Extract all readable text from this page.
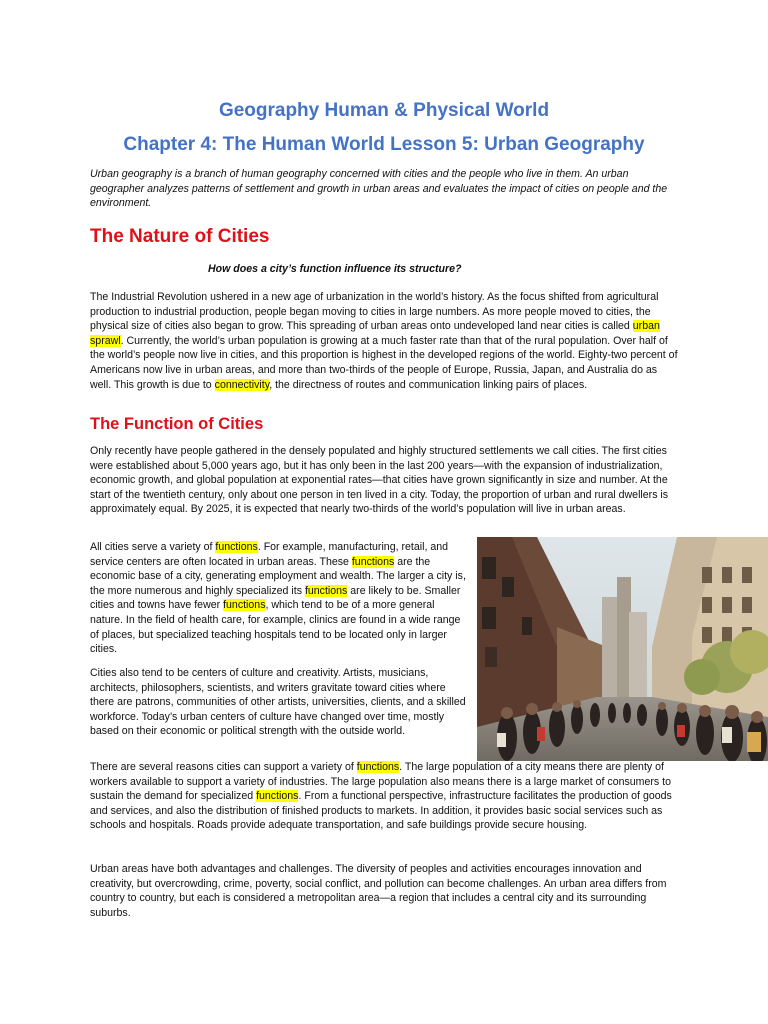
Geography Human & Physical World
Chapter 4: The Human World Lesson 5: Urban Geography

Urban geography is a branch of human geography concerned with cities and the people who live in them. An urban geographer analyzes patterns of settlement and growth in urban areas and evaluates the impact of cities on people and the environment.

The Nature of Cities

How does a city’s function influence its structure?

The Industrial Revolution ushered in a new age of urbanization in the world’s history. As the focus shifted from agricultural production to industrial production, people began moving to cities in large numbers. As more people moved to cities, the physical size of cities also began to grow. This spreading of urban areas onto undeveloped land near cities is called urban sprawl. Currently, the world’s urban population is growing at a much faster rate than that of the rural population. Over half of the world’s people now live in cities, and this proportion is highest in the developed regions of the world. Eighty-two percent of Americans now live in urban areas, and more than two-thirds of the people of Europe, Russia, Japan, and Australia do as well. This growth is due to connectivity, the directness of routes and communication linking pairs of places.

The Function of Cities

Only recently have people gathered in the densely populated and highly structured settlements we call cities. The first cities were established about 5,000 years ago, but it has only been in the last 200 years—with the expansion of industrialization, economic growth, and global population at exponential rates—that cities have grown significantly in size and number. At the start of the twentieth century, only about one person in ten lived in a city. Today, the proportion of urban and rural dwellers is approximately equal. By 2025, it is expected that nearly two-thirds of the world’s population will live in urban areas.

All cities serve a variety of functions. For example, manufacturing, retail, and service centers are often located in urban areas. These functions are the economic base of a city, generating employment and wealth. The larger a city is, the more numerous and highly specialized its functions are likely to be. Smaller cities and towns have fewer functions, which tend to be of a more general nature. In the field of health care, for example, clinics are found in a wide range of places, but specialized teaching hospitals tend to be located only in larger cities.

Cities also tend to be centers of culture and creativity. Artists, musicians, architects, philosophers, scientists, and writers gravitate toward cities where there are patrons, communities of other artists, universities, clients, and a skilled workforce. Today’s urban centers of culture have changed over time, mostly based on their economic or political strength with the outside world.

There are several reasons cities can support a variety of functions. The large population of a city means there are plenty of workers available to support a variety of industries. The large population also means there is a large market of consumers to sustain the demand for specialized functions. From a functional perspective, infrastructure facilitates the production of goods and services, and also the distribution of finished products to markets. In addition, it provides basic social services such as schools and hospitals. Roads provide adequate transportation, and safe buildings provide secure housing.

Urban areas have both advantages and challenges. The diversity of peoples and activities encourages innovation and creativity, but overcrowding, crime, poverty, social conflict, and pollution can become challenges. An urban area differs from country to country, but each is considered a metropolitan area—a region that includes a central city and its surrounding suburbs.
